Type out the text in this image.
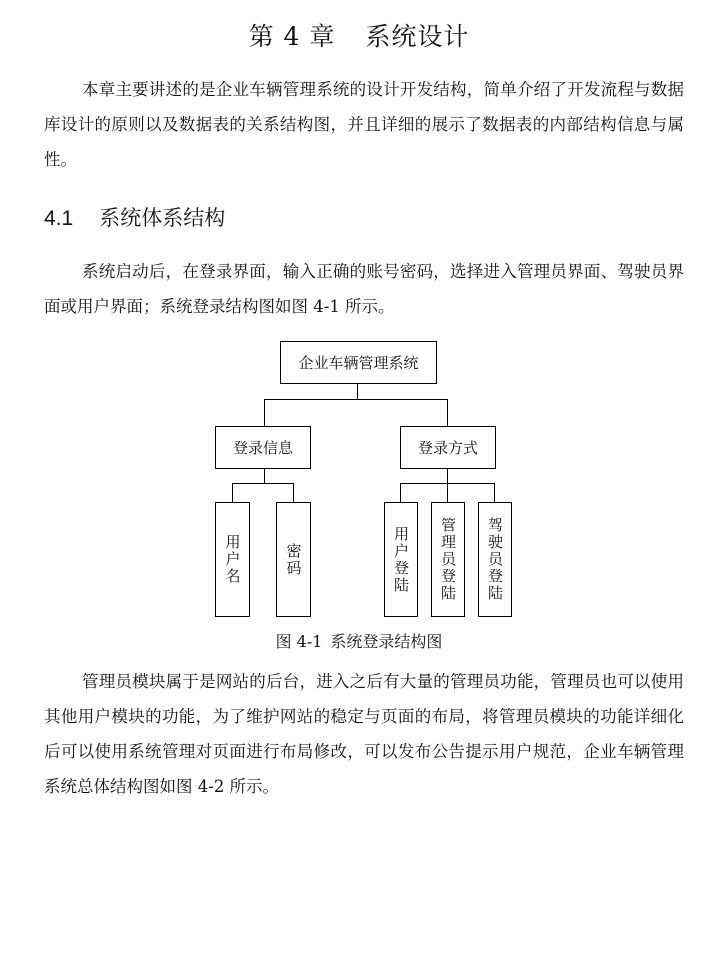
第 4 章 系统设计

本章主要讲述的是企业车辆管理系统的设计开发结构，简单介绍了开发流程与数据库设计的原则以及数据表的关系结构图，并且详细的展示了数据表的内部结构信息与属性。

4.1 系统体系结构

系统启动后，在登录界面，输入正确的账号密码，选择进入管理员界面、驾驶员界面或用户界面；系统登录结构图如图 4-1 所示。

企业车辆管理系统
登录信息	登录方式
用户名	密码	用户登陆	管理员登陆	驾驶员登陆
图 4-1 系统登录结构图

管理员模块属于是网站的后台，进入之后有大量的管理员功能，管理员也可以使用其他用户模块的功能，为了维护网站的稳定与页面的布局，将管理员模块的功能详细化后可以使用系统管理对页面进行布局修改，可以发布公告提示用户规范，企业车辆管理系统总体结构图如图 4-2 所示。
